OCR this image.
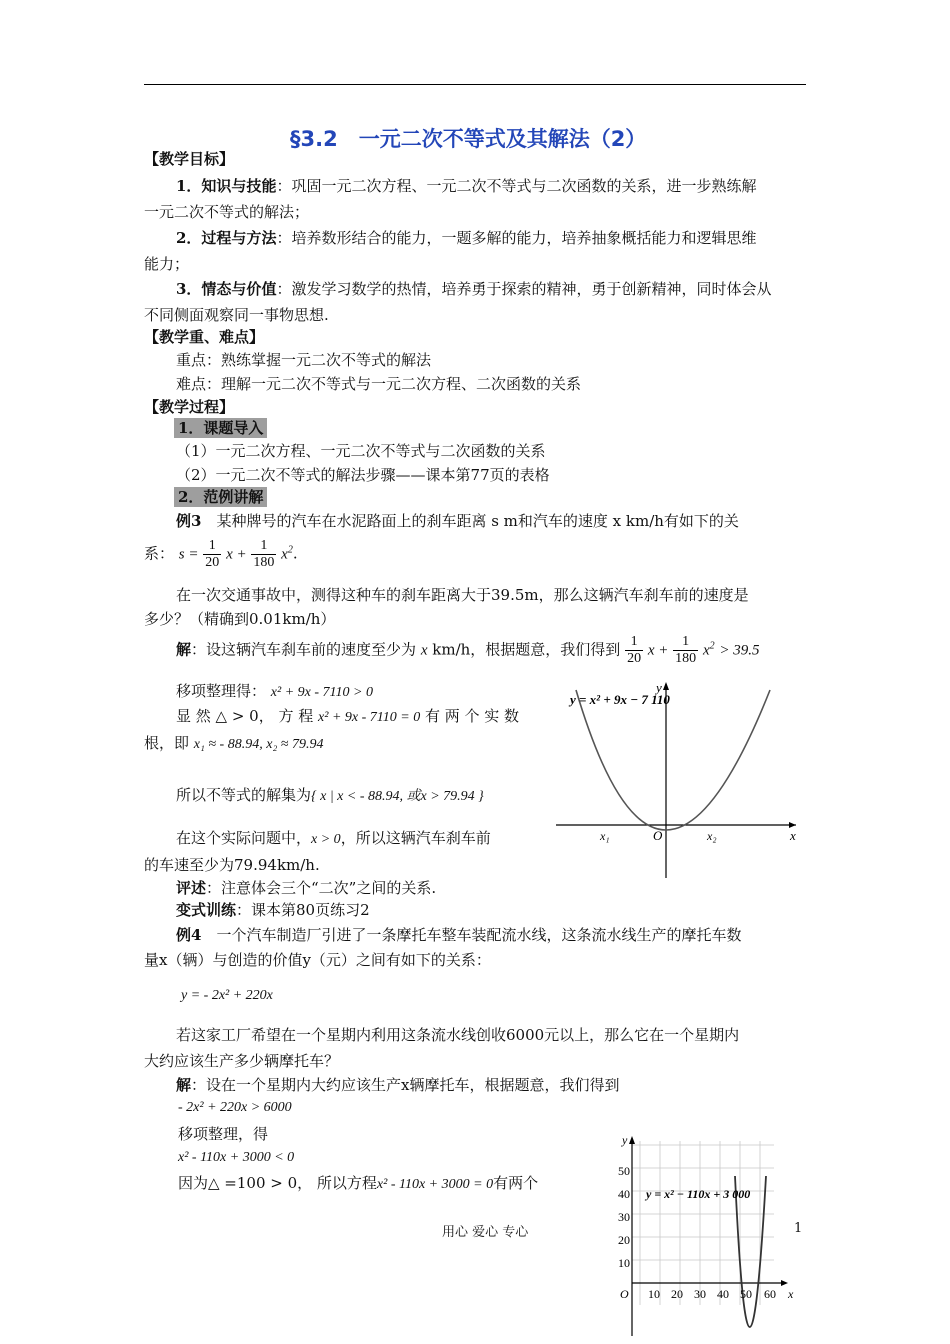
§3.2　一元二次不等式及其解法（2）
【教学目标】
1．知识与技能：巩固一元二次方程、一元二次不等式与二次函数的关系，进一步熟练解
一元二次不等式的解法；
2．过程与方法：培养数形结合的能力，一题多解的能力，培养抽象概括能力和逻辑思维
能力；
3．情态与价值：激发学习数学的热情，培养勇于探索的精神，勇于创新精神，同时体会从
不同侧面观察同一事物思想.
【教学重、难点】
重点：熟练掌握一元二次不等式的解法
难点：理解一元二次不等式与一元二次方程、二次函数的关系
【教学过程】
1．课题导入
（1）一元二次方程、一元二次不等式与二次函数的关系
（2）一元二次不等式的解法步骤——课本第77页的表格
2．范例讲解
例3　某种牌号的汽车在水泥路面上的刹车距离 s m和汽车的速度 x km/h有如下的关
系： $s = \frac{1}{20}$ $x + \frac{1}{180} x^2$.
在一次交通事故中，测得这种车的刹车距离大于39.5m，那么这辆汽车刹车前的速度是
多少？（精确到0.01km/h）
解：设这辆汽车刹车前的速度至少为 x km/h，根据题意，我们得到 $\frac{1}{20}$ $x + \frac{1}{180} x^2 > 39.5$
移项整理得： x² + 9x - 7110 > 0
显 然 △ > 0， 方 程 x² + 9x - 7110 = 0 有 两 个 实 数
根，即 x₁ ≈ - 88.94, x₂ ≈ 79.94
所以不等式的解集为{ x | x < - 88.94, 或x > 79.94 }
在这个实际问题中，x > 0，所以这辆汽车刹车前
的车速至少为79.94km/h.
评述：注意体会三个“二次”之间的关系.
变式训练：课本第80页练习2
y = x² + 9x − 7 110
y
x
O
x₁	x₂
例4　一个汽车制造厂引进了一条摩托车整车装配流水线，这条流水线生产的摩托车数
量x（辆）与创造的价值y（元）之间有如下的关系：
y = - 2x² + 220x
若这家工厂希望在一个星期内利用这条流水线创收6000元以上，那么它在一个星期内
大约应该生产多少辆摩托车？
解：设在一个星期内大约应该生产x辆摩托车，根据题意，我们得到
- 2x² + 220x > 6000
移项整理，得
x² - 110x + 3000 < 0
因为△ =100 > 0， 所以方程x² - 110x + 3000 = 0有两个
y = x² − 110x + 3 000
y
x
O
50
40
30
20
10
10 20 30 40 50 60
用心 爱心 专心	1
